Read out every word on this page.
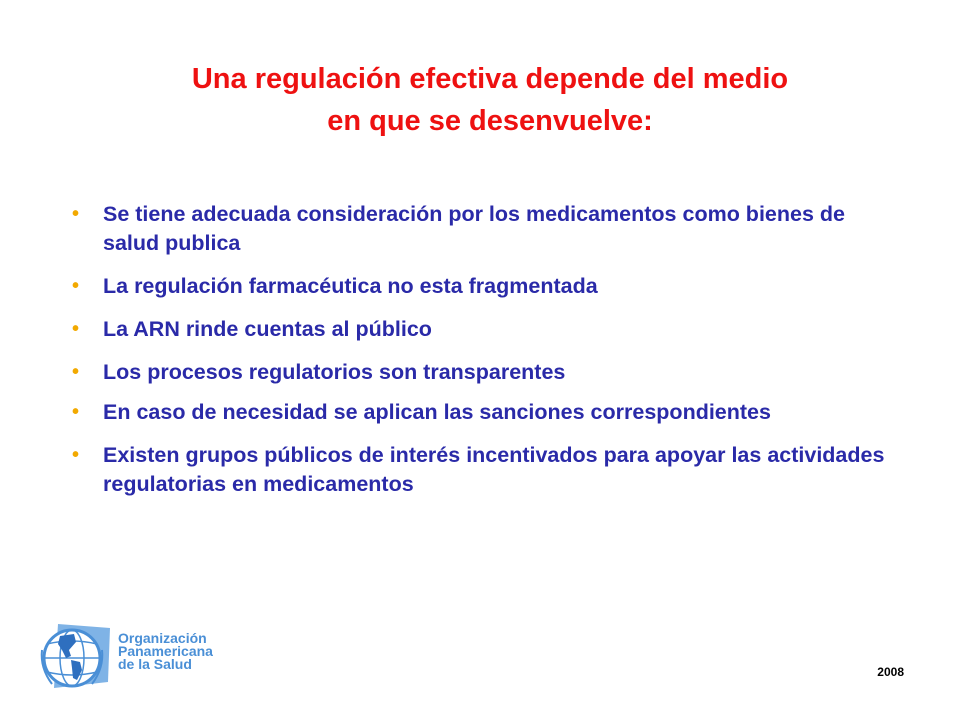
Una regulación efectiva depende del medio
en que se desenvuelve:
•	Se tiene adecuada consideración por los medicamentos como bienes de salud publica
•	La regulación farmacéutica no esta fragmentada
•	La ARN rinde cuentas al público
•	Los procesos regulatorios son transparentes
•	En caso de necesidad se aplican las sanciones correspondientes
•	Existen grupos públicos de interés incentivados para apoyar las actividades regulatorias en medicamentos
Organización
Panamericana
de la Salud	2008
